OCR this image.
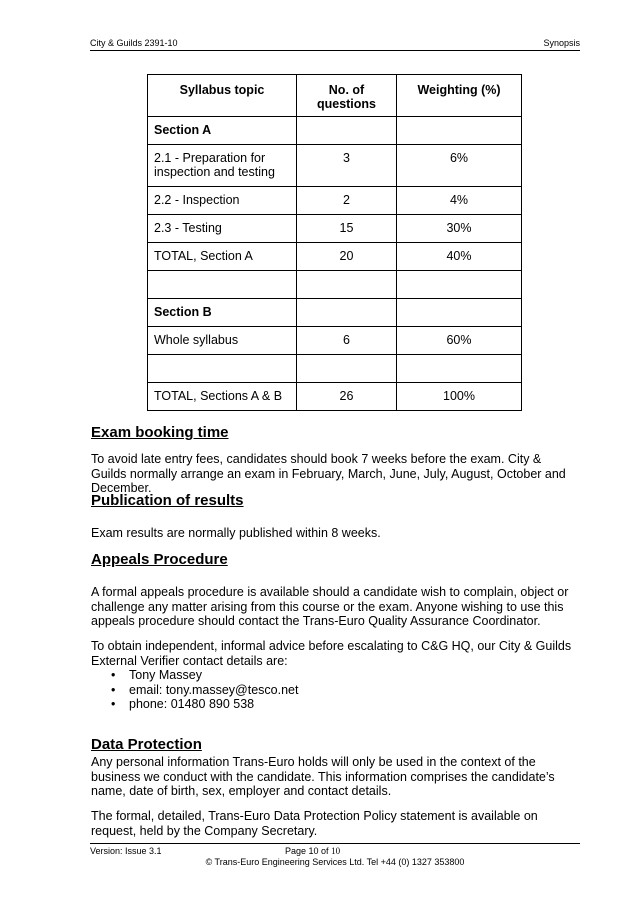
City & Guilds 2391-10	Synopsis
Syllabus topic	No. of questions	Weighting (%)
Section A		
2.1 - Preparation for inspection and testing	3	6%
2.2 - Inspection	2	4%
2.3 - Testing	15	30%
TOTAL, Section A	20	40%

Section B		
Whole syllabus	6	60%

TOTAL, Sections A & B	26	100%
Exam booking time
To avoid late entry fees, candidates should book 7 weeks before the exam. City & Guilds normally arrange an exam in February, March, June, July, August, October and December.
Publication of results
Exam results are normally published within 8 weeks.
Appeals Procedure
A formal appeals procedure is available should a candidate wish to complain, object or challenge any matter arising from this course or the exam. Anyone wishing to use this appeals procedure should contact the Trans-Euro Quality Assurance Coordinator.
To obtain independent, informal advice before escalating to C&G HQ, our City & Guilds External Verifier contact details are:
• Tony Massey
• email: tony.massey@tesco.net
• phone: 01480 890 538
Data Protection
Any personal information Trans-Euro holds will only be used in the context of the business we conduct with the candidate. This information comprises the candidate’s name, date of birth, sex, employer and contact details.
The formal, detailed, Trans-Euro Data Protection Policy statement is available on request, held by the Company Secretary.
Version: Issue 3.1	Page 10 of 10
© Trans-Euro Engineering Services Ltd. Tel +44 (0) 1327 353800
